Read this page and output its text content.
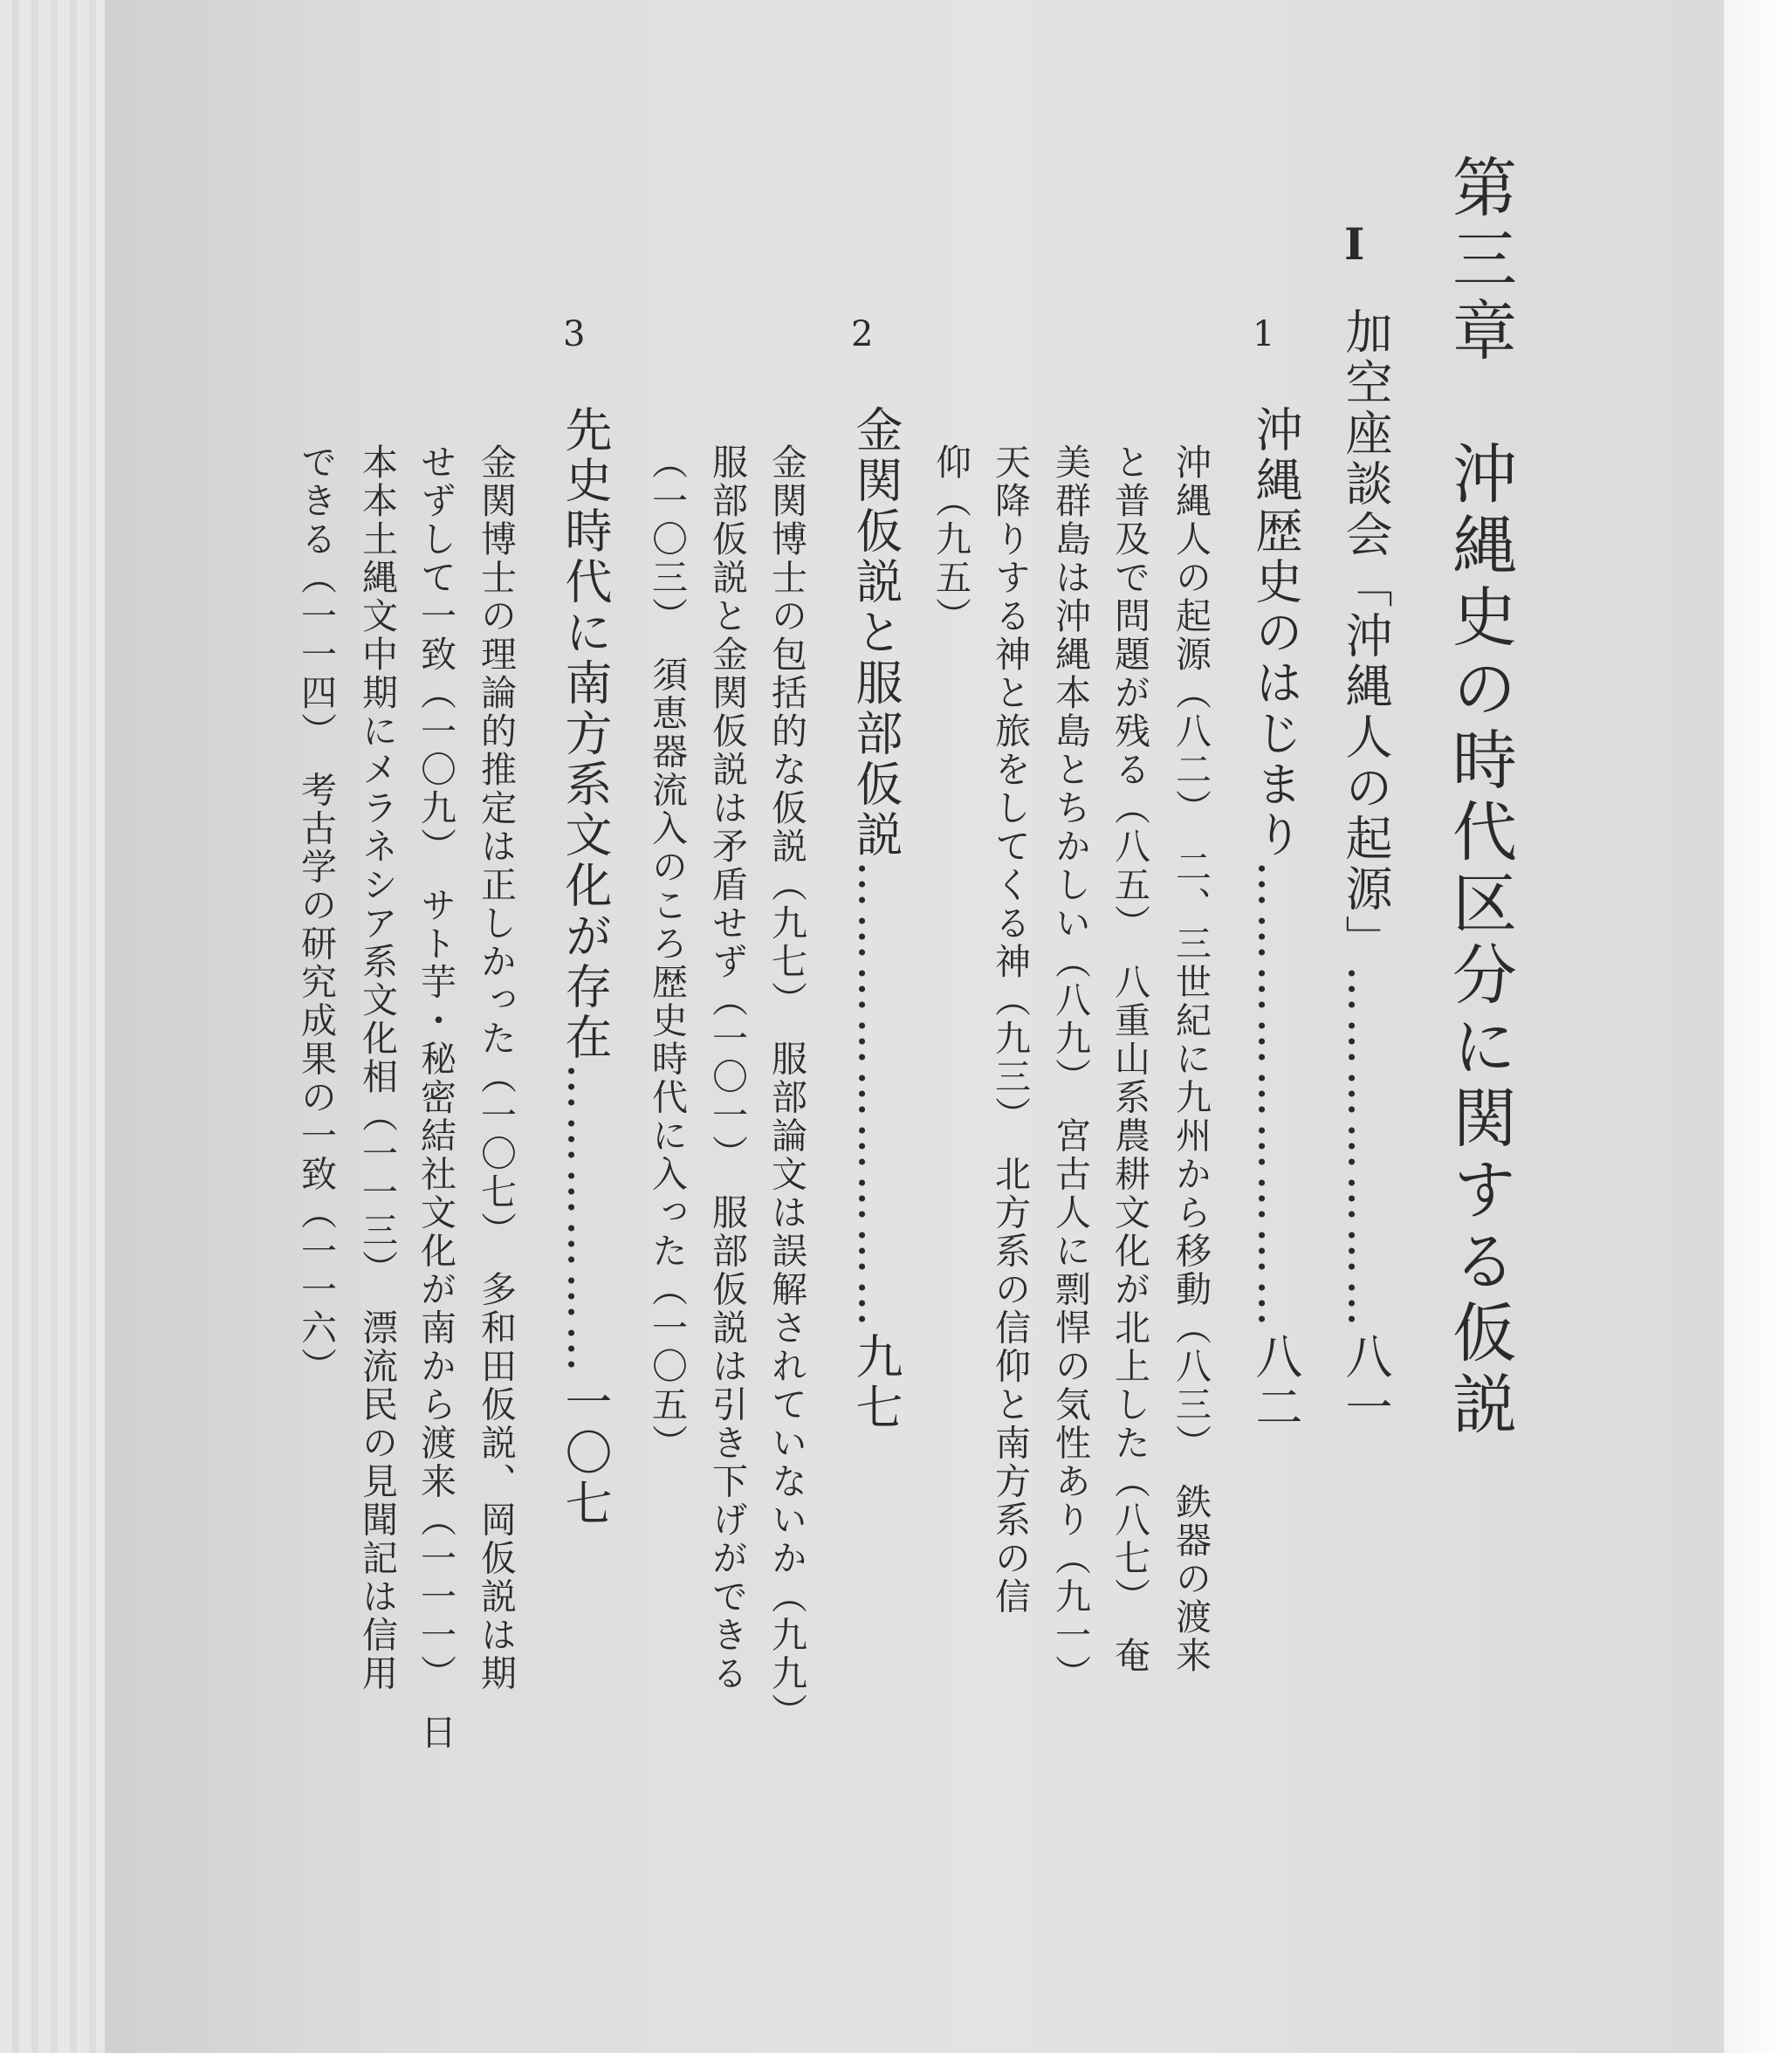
第三章　沖縄史の時代区分に関する仮説
I
加空座談会「沖縄人の起源」…………………八一
1
沖縄歴史のはじまり………………………八二
沖縄人の起源（八二）　二、三世紀に九州から移動（八三）　鉄器の渡来
と普及で問題が残る（八五）　八重山系農耕文化が北上した（八七）　奄
美群島は沖縄本島とちかしい（八九）　宮古人に剽悍の気性あり（九一）
天降りする神と旅をしてくる神（九三）　北方系の信仰と南方系の信
仰（九五）
2
金関仮説と服部仮説………………………九七
金関博士の包括的な仮説（九七）　服部論文は誤解されていないか（九九）
服部仮説と金関仮説は矛盾せず（一〇一）　服部仮説は引き下げができる
（一〇三）　須恵器流入のころ歴史時代に入った（一〇五）
3
先史時代に南方系文化が存在………………一〇七
金関博士の理論的推定は正しかった（一〇七）　多和田仮説、岡仮説は期
せずして一致（一〇九）　サト芋・秘密結社文化が南から渡来（一一一）　日
本本土縄文中期にメラネシア系文化相（一一三）　漂流民の見聞記は信用
できる（一一四）　考古学の研究成果の一致（一一六）
